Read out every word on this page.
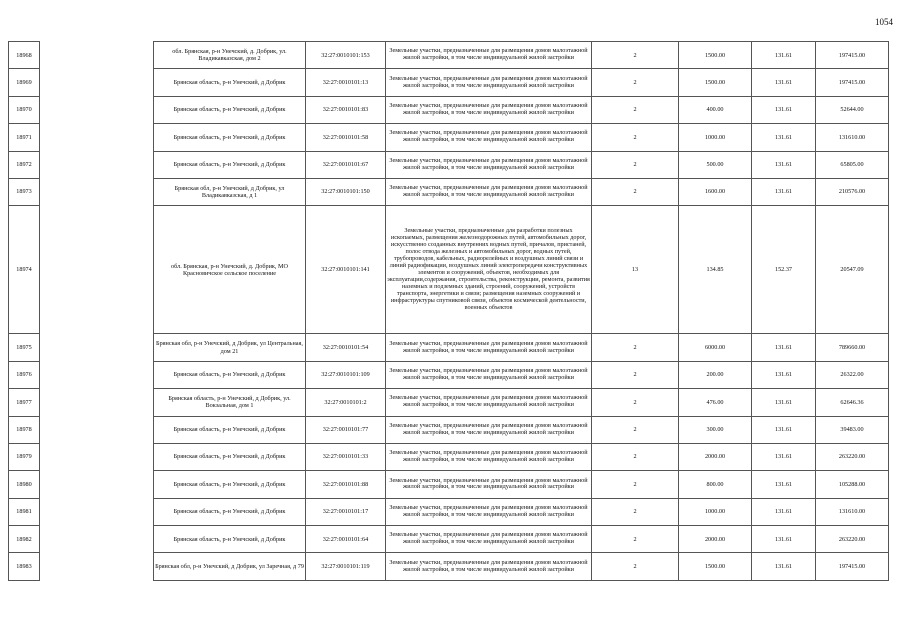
1054
18968		обл. Брянская, р-н Унечский, д. Добрик, ул. Владикавказская, дом 2	32:27:0010101:153	Земельные участки, предназначенные для размещения домов малоэтажной жилой застройки, в том числе индивидуальной жилой застройки	2	1500.00	131.61	197415.00
18969		Брянская область, р-н Унечский, д Добрик	32:27:0010101:13	Земельные участки, предназначенные для размещения домов малоэтажной жилой застройки, в том числе индивидуальной жилой застройки	2	1500.00	131.61	197415.00
18970		Брянская область, р-н Унечский, д Добрик	32:27:0010101:83	Земельные участки, предназначенные для размещения домов малоэтажной жилой застройки, в том числе индивидуальной жилой застройки	2	400.00	131.61	52644.00
18971		Брянская область, р-н Унечский, д Добрик	32:27:0010101:58	Земельные участки, предназначенные для размещения домов малоэтажной жилой застройки, в том числе индивидуальной жилой застройки	2	1000.00	131.61	131610.00
18972		Брянская область, р-н Унечский, д Добрик	32:27:0010101:67	Земельные участки, предназначенные для размещения домов малоэтажной жилой застройки, в том числе индивидуальной жилой застройки	2	500.00	131.61	65805.00
18973		Брянская обл, р-н Унечский, д Добрик, ул Владикавказская, д 1	32:27:0010101:150	Земельные участки, предназначенные для размещения домов малоэтажной жилой застройки, в том числе индивидуальной жилой застройки	2	1600.00	131.61	210576.00
18974		обл. Брянская, р-н Унечский, д. Добрик, МО Красновичское сельское поселение	32:27:0010101:141	Земельные участки, предназначенные для разработки полезных ископаемых, размещения железнодорожных путей, автомобильных дорог, искусственно созданных внутренних водных путей, причалов, пристаней, полос отвода железных и автомобильных дорог, водных путей, трубопроводов, кабельных, радиорелейных и воздушных линий связи и линий радиофикации, воздушных линий электропередачи конструктивных элементов и сооружений, объектов, необходимых для эксплуатации,содержания, строительства, реконструкции, ремонта, развития наземных и подземных зданий, строений, сооружений, устройств транспорта, энергетики и связи; размещения наземных сооружений и инфраструктуры спутниковой связи, объектов космической деятельности, военных объектов	13	134.85	152.37	20547.09
18975		Брянская обл, р-н Унечский, д Добрик, ул Центральная, дом 21	32:27:0010101:54	Земельные участки, предназначенные для размещения домов малоэтажной жилой застройки, в том числе индивидуальной жилой застройки	2	6000.00	131.61	789660.00
18976		Брянская область, р-н Унечский, д Добрик	32:27:0010101:109	Земельные участки, предназначенные для размещения домов малоэтажной жилой застройки, в том числе индивидуальной жилой застройки	2	200.00	131.61	26322.00
18977		Брянская область, р-н Унечский, д Добрик, ул. Вокзальная, дом 1	32:27:0010101:2	Земельные участки, предназначенные для размещения домов малоэтажной жилой застройки, в том числе индивидуальной жилой застройки	2	476.00	131.61	62646.36
18978		Брянская область, р-н Унечский, д Добрик	32:27:0010101:77	Земельные участки, предназначенные для размещения домов малоэтажной жилой застройки, в том числе индивидуальной жилой застройки	2	300.00	131.61	39483.00
18979		Брянская область, р-н Унечский, д Добрик	32:27:0010101:33	Земельные участки, предназначенные для размещения домов малоэтажной жилой застройки, в том числе индивидуальной жилой застройки	2	2000.00	131.61	263220.00
18980		Брянская область, р-н Унечский, д Добрик	32:27:0010101:88	Земельные участки, предназначенные для размещения домов малоэтажной жилой застройки, в том числе индивидуальной жилой застройки	2	800.00	131.61	105288.00
18981		Брянская область, р-н Унечский, д Добрик	32:27:0010101:17	Земельные участки, предназначенные для размещения домов малоэтажной жилой застройки, в том числе индивидуальной жилой застройки	2	1000.00	131.61	131610.00
18982		Брянская область, р-н Унечский, д Добрик	32:27:0010101:64	Земельные участки, предназначенные для размещения домов малоэтажной жилой застройки, в том числе индивидуальной жилой застройки	2	2000.00	131.61	263220.00
18983		Брянская обл, р-н Унечский, д Добрик, ул Заречная, д 79	32:27:0010101:119	Земельные участки, предназначенные для размещения домов малоэтажной жилой застройки, в том числе индивидуальной жилой застройки	2	1500.00	131.61	197415.00
